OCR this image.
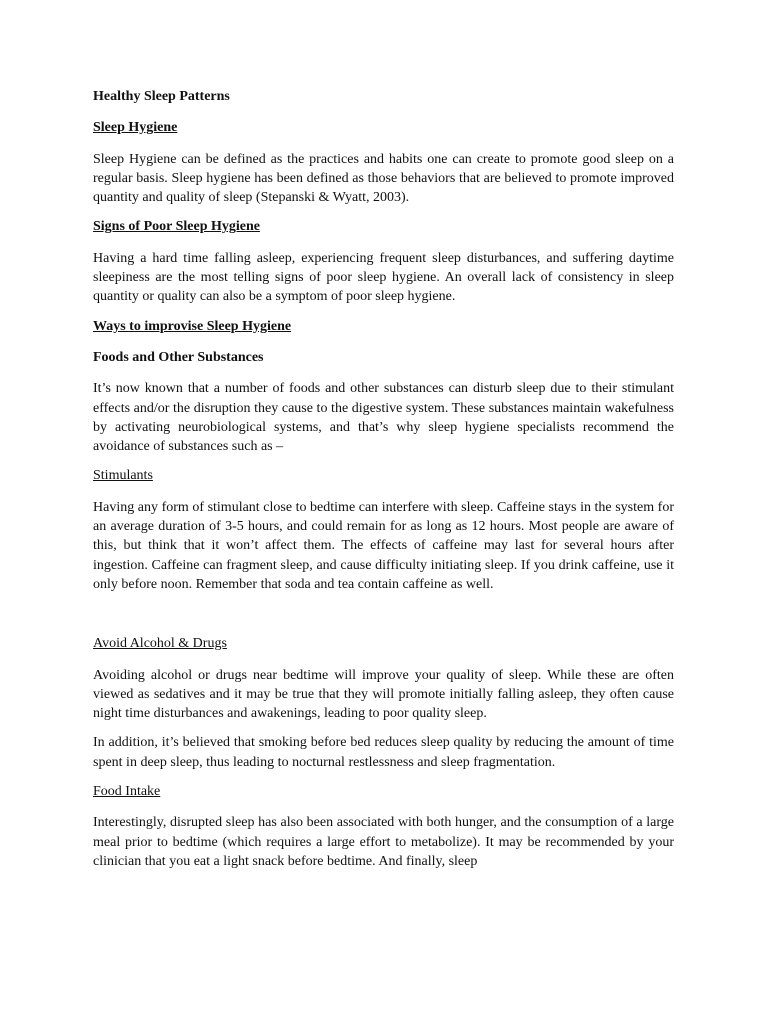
Healthy Sleep Patterns
Sleep Hygiene
Sleep Hygiene can be defined as the practices and habits one can create to promote good sleep on a regular basis. Sleep hygiene has been defined as those behaviors that are believed to promote improved quantity and quality of sleep (Stepanski & Wyatt, 2003).
Signs of Poor Sleep Hygiene
Having a hard time falling asleep, experiencing frequent sleep disturbances, and suffering daytime sleepiness are the most telling signs of poor sleep hygiene. An overall lack of consistency in sleep quantity or quality can also be a symptom of poor sleep hygiene.
Ways to improvise Sleep Hygiene
Foods and Other Substances
It’s now known that a number of foods and other substances can disturb sleep due to their stimulant effects and/or the disruption they cause to the digestive system. These substances maintain wakefulness by activating neurobiological systems, and that’s why sleep hygiene specialists recommend the avoidance of substances such as –
Stimulants
Having any form of stimulant close to bedtime can interfere with sleep. Caffeine stays in the system for an average duration of 3-5 hours, and could remain for as long as 12 hours. Most people are aware of this, but think that it won’t affect them. The effects of caffeine may last for several hours after ingestion. Caffeine can fragment sleep, and cause difficulty initiating sleep. If you drink caffeine, use it only before noon. Remember that soda and tea contain caffeine as well.
Avoid Alcohol & Drugs
Avoiding alcohol or drugs near bedtime will improve your quality of sleep. While these are often viewed as sedatives and it may be true that they will promote initially falling asleep, they often cause night time disturbances and awakenings, leading to poor quality sleep.
In addition, it’s believed that smoking before bed reduces sleep quality by reducing the amount of time spent in deep sleep, thus leading to nocturnal restlessness and sleep fragmentation.
Food Intake
Interestingly, disrupted sleep has also been associated with both hunger, and the consumption of a large meal prior to bedtime (which requires a large effort to metabolize). It may be recommended by your clinician that you eat a light snack before bedtime. And finally, sleep
